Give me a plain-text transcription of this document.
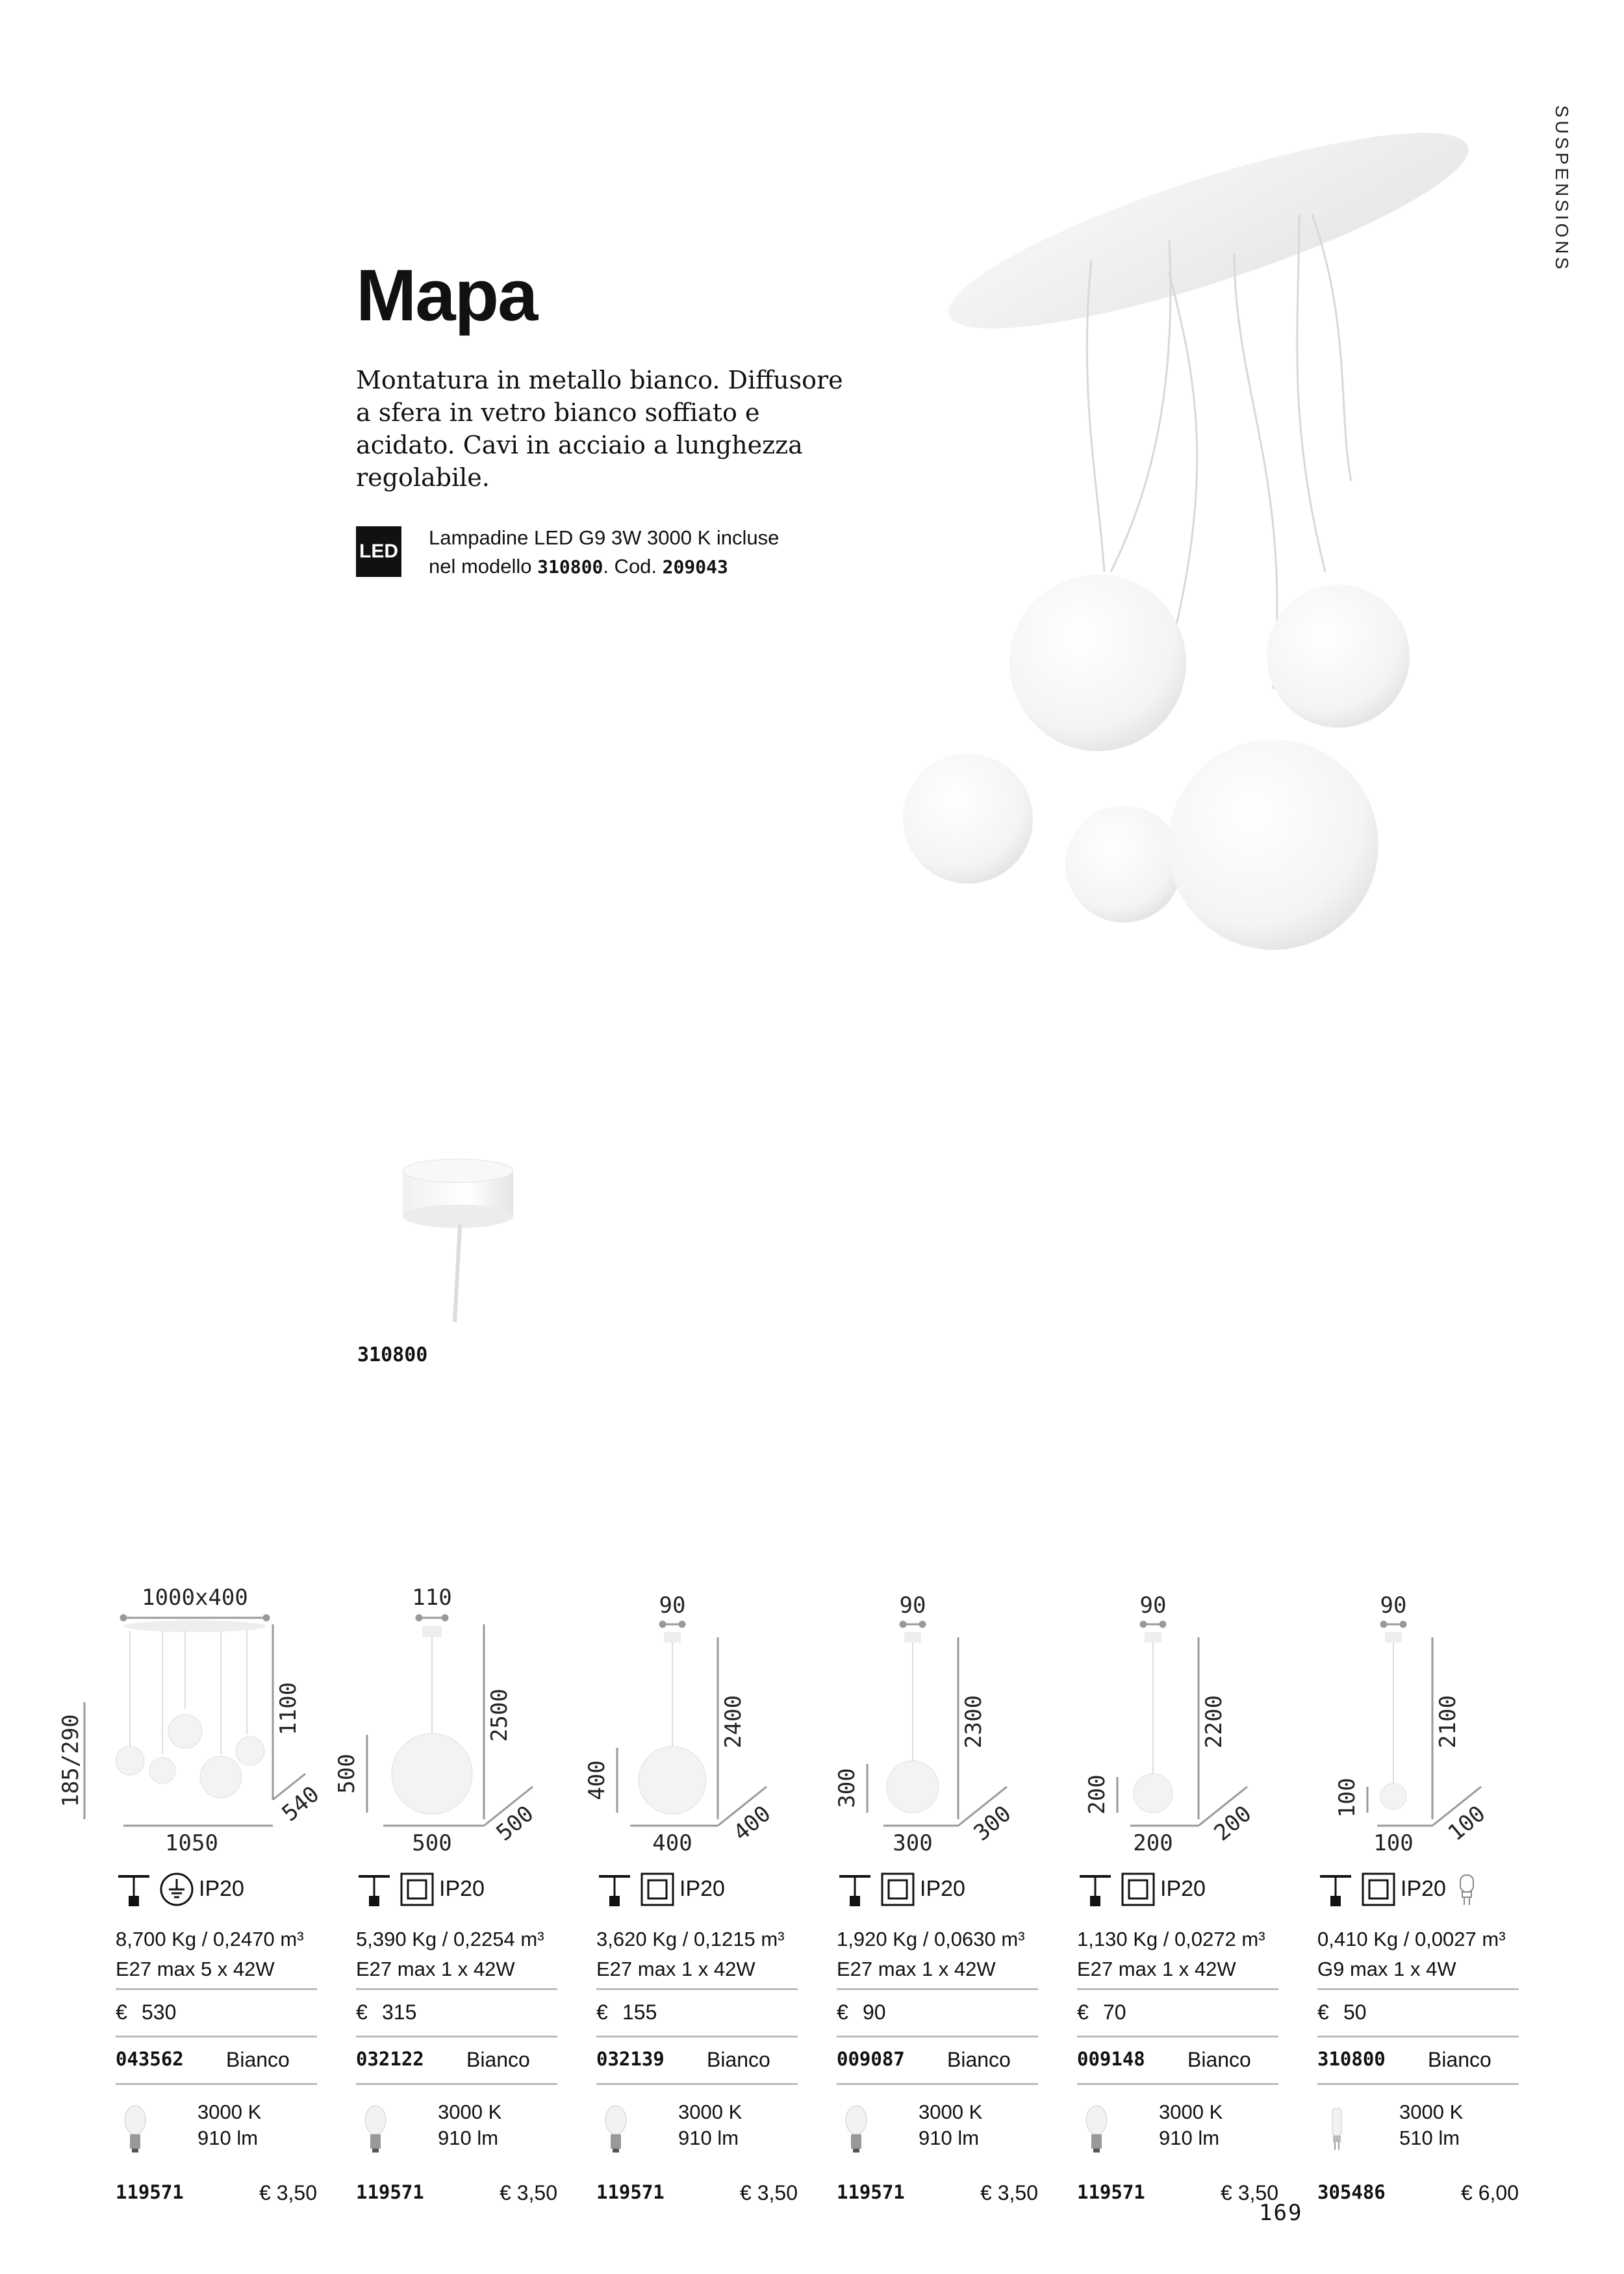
SUSPENSIONS
Mapa
Montatura in metallo bianco. Diffusore a sfera in vetro bianco soffiato e acidato. Cavi in acciaio a lunghezza regolabile.
LED
Lampadine LED G9 3W 3000 K incluse
nel modello 310800. Cod. 209043
310800
1000x400
1100
185/290
1050
540
110
2500
500
500 500
90
2400
400
400 400
90
2300
300
300 300
90
2200
200
200 200
90
2100
100
100 100
IP20
8,700 Kg / 0,2470 m³
E27 max 5 x 42W
€ 530
043562 Bianco
3000 K
910 lm
119571	€ 3,50
IP20
5,390 Kg / 0,2254 m³
E27 max 1 x 42W
€ 315
032122 Bianco
3000 K
910 lm
119571	€ 3,50
IP20
3,620 Kg / 0,1215 m³
E27 max 1 x 42W
€ 155
032139 Bianco
3000 K
910 lm
119571	€ 3,50
IP20
1,920 Kg / 0,0630 m³
E27 max 1 x 42W
€ 90
009087 Bianco
3000 K
910 lm
119571	€ 3,50
IP20
1,130 Kg / 0,0272 m³
E27 max 1 x 42W
€ 70
009148 Bianco
3000 K
910 lm
119571	€ 3,50
IP20
0,410 Kg / 0,0027 m³
G9 max 1 x 4W
€ 50
310800 Bianco
3000 K
510 lm
305486	€ 6,00
169
